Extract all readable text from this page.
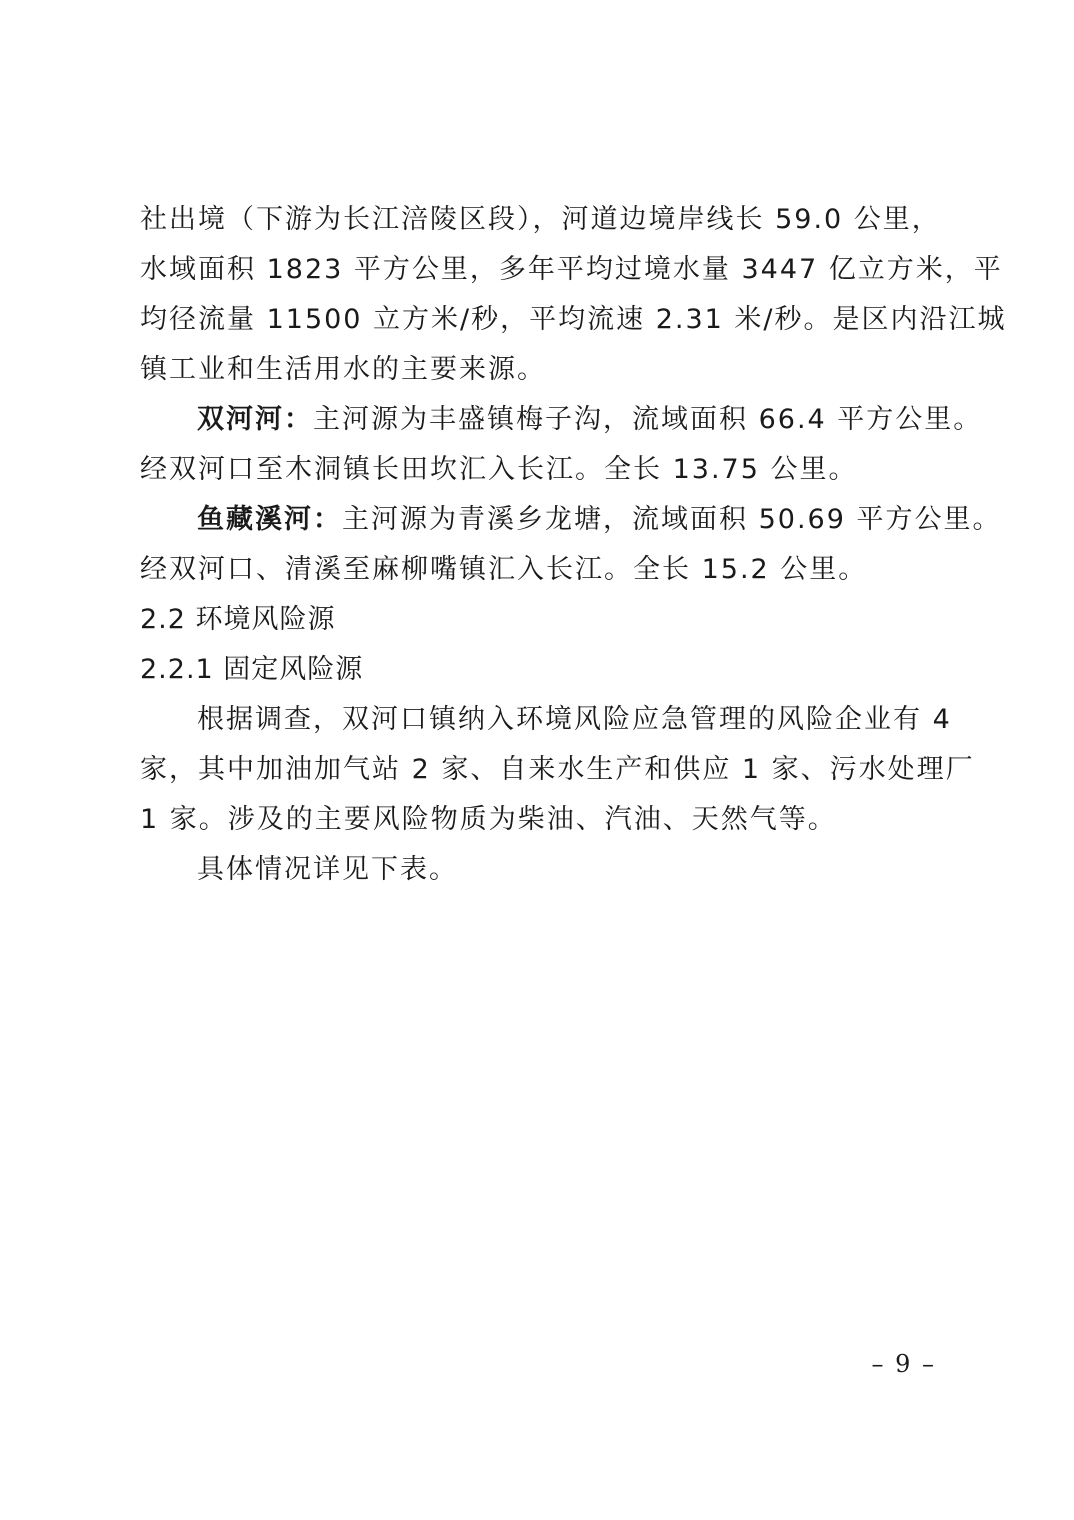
社出境（下游为长江涪陵区段），河道边境岸线长 59.0 公里，
水域面积 1823 平方公里，多年平均过境水量 3447 亿立方米，平
均径流量 11500 立方米/秒，平均流速 2.31 米/秒。是区内沿江城
镇工业和生活用水的主要来源。
双河河：主河源为丰盛镇梅子沟，流域面积 66.4 平方公里。
经双河口至木洞镇长田坎汇入长江。全长 13.75 公里。
鱼藏溪河：主河源为青溪乡龙塘，流域面积 50.69 平方公里。
经双河口、清溪至麻柳嘴镇汇入长江。全长 15.2 公里。
2.2 环境风险源
2.2.1 固定风险源
根据调查，双河口镇纳入环境风险应急管理的风险企业有 4
家，其中加油加气站 2 家、自来水生产和供应 1 家、污水处理厂
1 家。涉及的主要风险物质为柴油、汽油、天然气等。
具体情况详见下表。
– 9 –
